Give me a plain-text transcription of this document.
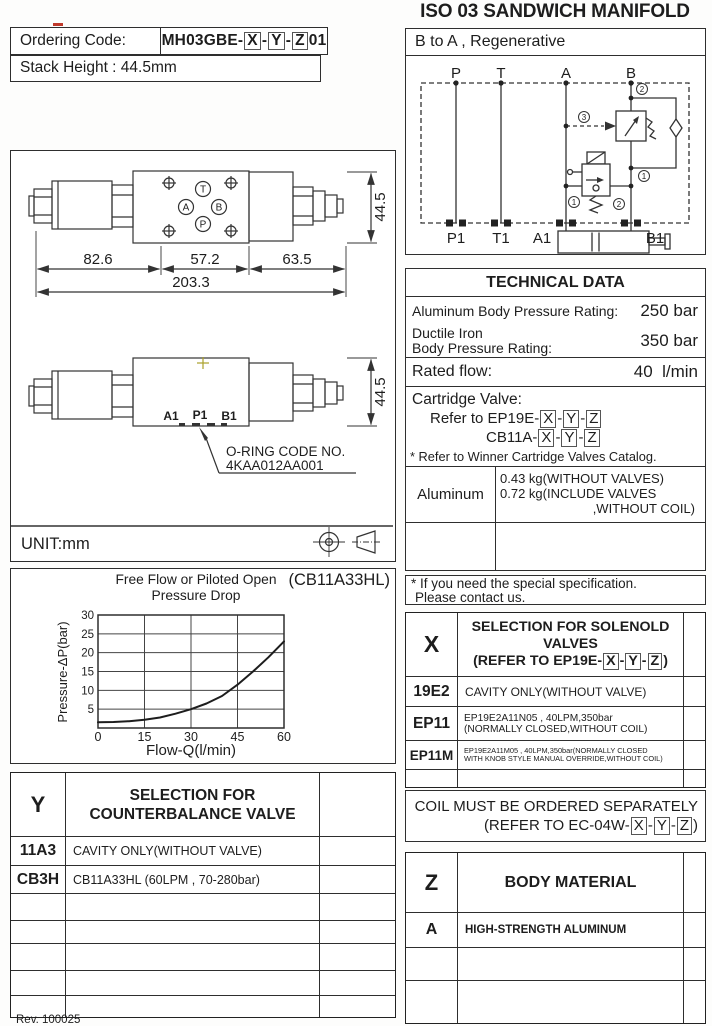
ISO 03 SANDWICH MANIFOLD
Ordering Code:	MH03GBE- X - Y - Z 01
Stack Height : 44.5mm
B to A , Regenerative
2
3
1
1	2
P T	A	B
P1 T1 A1	B1
T
A	B
P
82.6	57.2	63.5
203.3
44.5
44.5
A1 P1 B1
O-RING CODE NO.
4KAA012AA001
UNIT:mm
(CB11A33HL)
Free Flow or Piloted Open
Pressure Drop
Pressure-ΔP(bar)
Flow-Q(l/min)
0	15	30	45	60
5
10
15
20
25
30
TECHNICAL DATA
Aluminum Body Pressure Rating: 250 bar
Ductile Iron
Body Pressure Rating:	350 bar
Rated flow:	40  l/min
Cartridge Valve:
Refer to EP19E- X - Y - Z
CB11A- X - Y - Z
* Refer to Winner Cartridge Valves Catalog.
Aluminum
0.43 kg(WITHOUT VALVES)
0.72 kg(INCLUDE VALVES
,WITHOUT COIL)
* If you need the special specification.
Please contact us.
X
SELECTION FOR SOLENOLD VALVES
(REFER TO EP19E- X - Y - Z )
19E2	CAVITY ONLY(WITHOUT VALVE)
EP11	EP19E2A11N05 , 40LPM,350bar
(NORMALLY CLOSED,WITHOUT COIL)
EP11M	EP19E2A11M05 , 40LPM,350bar(NORMALLY CLOSED
WITH KNOB STYLE MANUAL OVERRIDE,WITHOUT COIL)
COIL MUST BE ORDERED SEPARATELY
(REFER TO EC-04W- X - Y - Z )
Z	BODY MATERIAL
A	HIGH-STRENGTH ALUMINUM
Y	SELECTION FOR
COUNTERBALANCE VALVE
11A3	CAVITY ONLY(WITHOUT VALVE)
CB3H	CB11A33HL (60LPM , 70-280bar)
Rev. 100025
